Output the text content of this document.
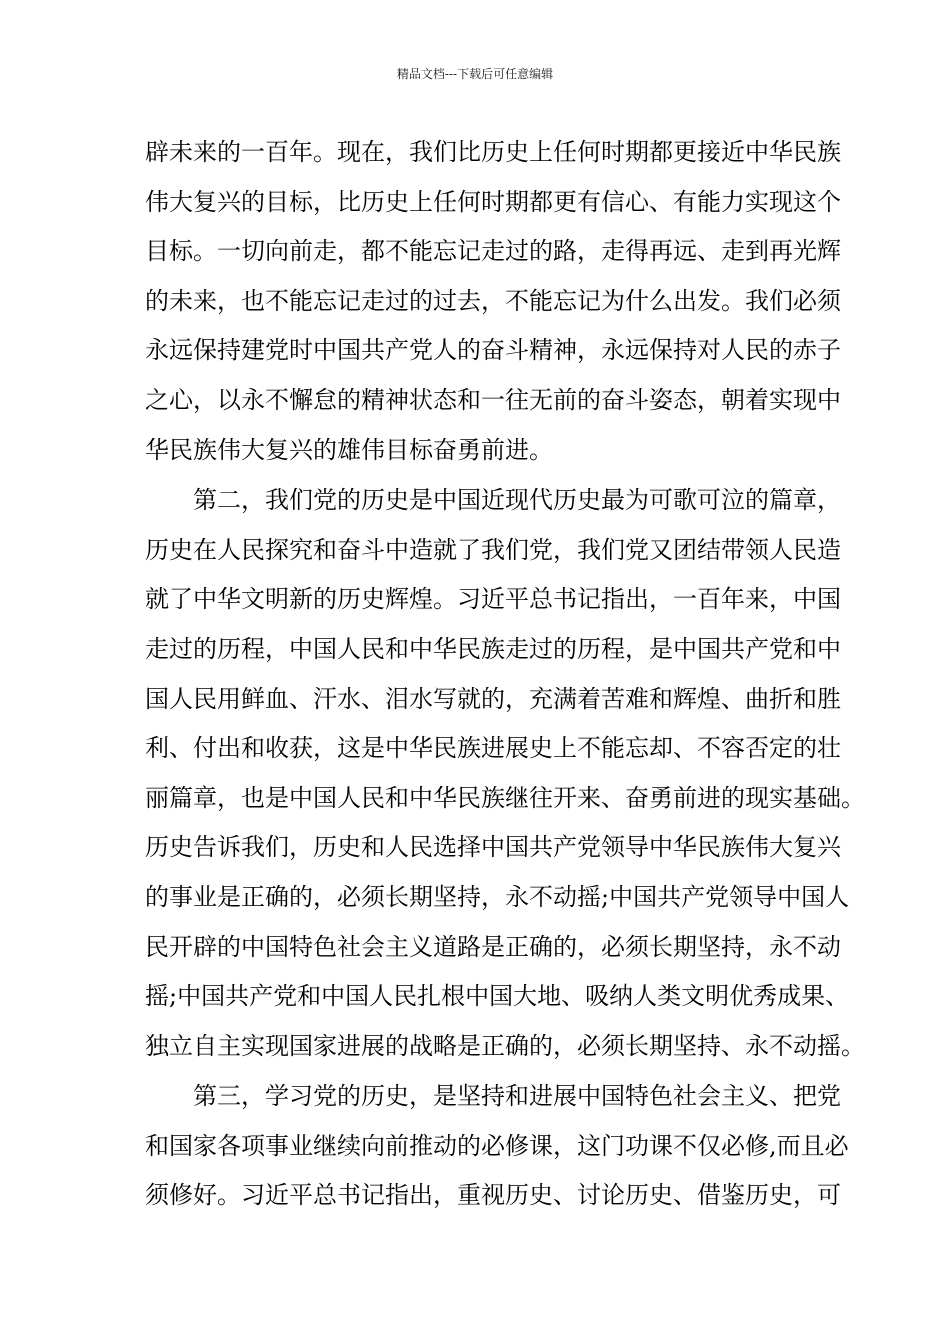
精品文档---下载后可任意编辑
辟未来的一百年。现在，我们比历史上任何时期都更接近中华民族
伟大复兴的目标，比历史上任何时期都更有信心、有能力实现这个
目标。一切向前走，都不能忘记走过的路，走得再远、走到再光辉
的未来，也不能忘记走过的过去，不能忘记为什么出发。我们必须
永远保持建党时中国共产党人的奋斗精神，永远保持对人民的赤子
之心，以永不懈怠的精神状态和一往无前的奋斗姿态，朝着实现中
华民族伟大复兴的雄伟目标奋勇前进。
　　第二，我们党的历史是中国近现代历史最为可歌可泣的篇章，
历史在人民探究和奋斗中造就了我们党，我们党又团结带领人民造
就了中华文明新的历史辉煌。习近平总书记指出，一百年来，中国
走过的历程，中国人民和中华民族走过的历程，是中国共产党和中
国人民用鲜血、汗水、泪水写就的，充满着苦难和辉煌、曲折和胜
利、付出和收获，这是中华民族进展史上不能忘却、不容否定的壮
丽篇章，也是中国人民和中华民族继往开来、奋勇前进的现实基础。
历史告诉我们，历史和人民选择中国共产党领导中华民族伟大复兴
的事业是正确的，必须长期坚持，永不动摇;中国共产党领导中国人
民开辟的中国特色社会主义道路是正确的，必须长期坚持，永不动
摇;中国共产党和中国人民扎根中国大地、吸纳人类文明优秀成果、
独立自主实现国家进展的战略是正确的，必须长期坚持、永不动摇。
　　第三，学习党的历史，是坚持和进展中国特色社会主义、把党
和国家各项事业继续向前推动的必修课，这门功课不仅必修,而且必
须修好。习近平总书记指出，重视历史、讨论历史、借鉴历史，可
